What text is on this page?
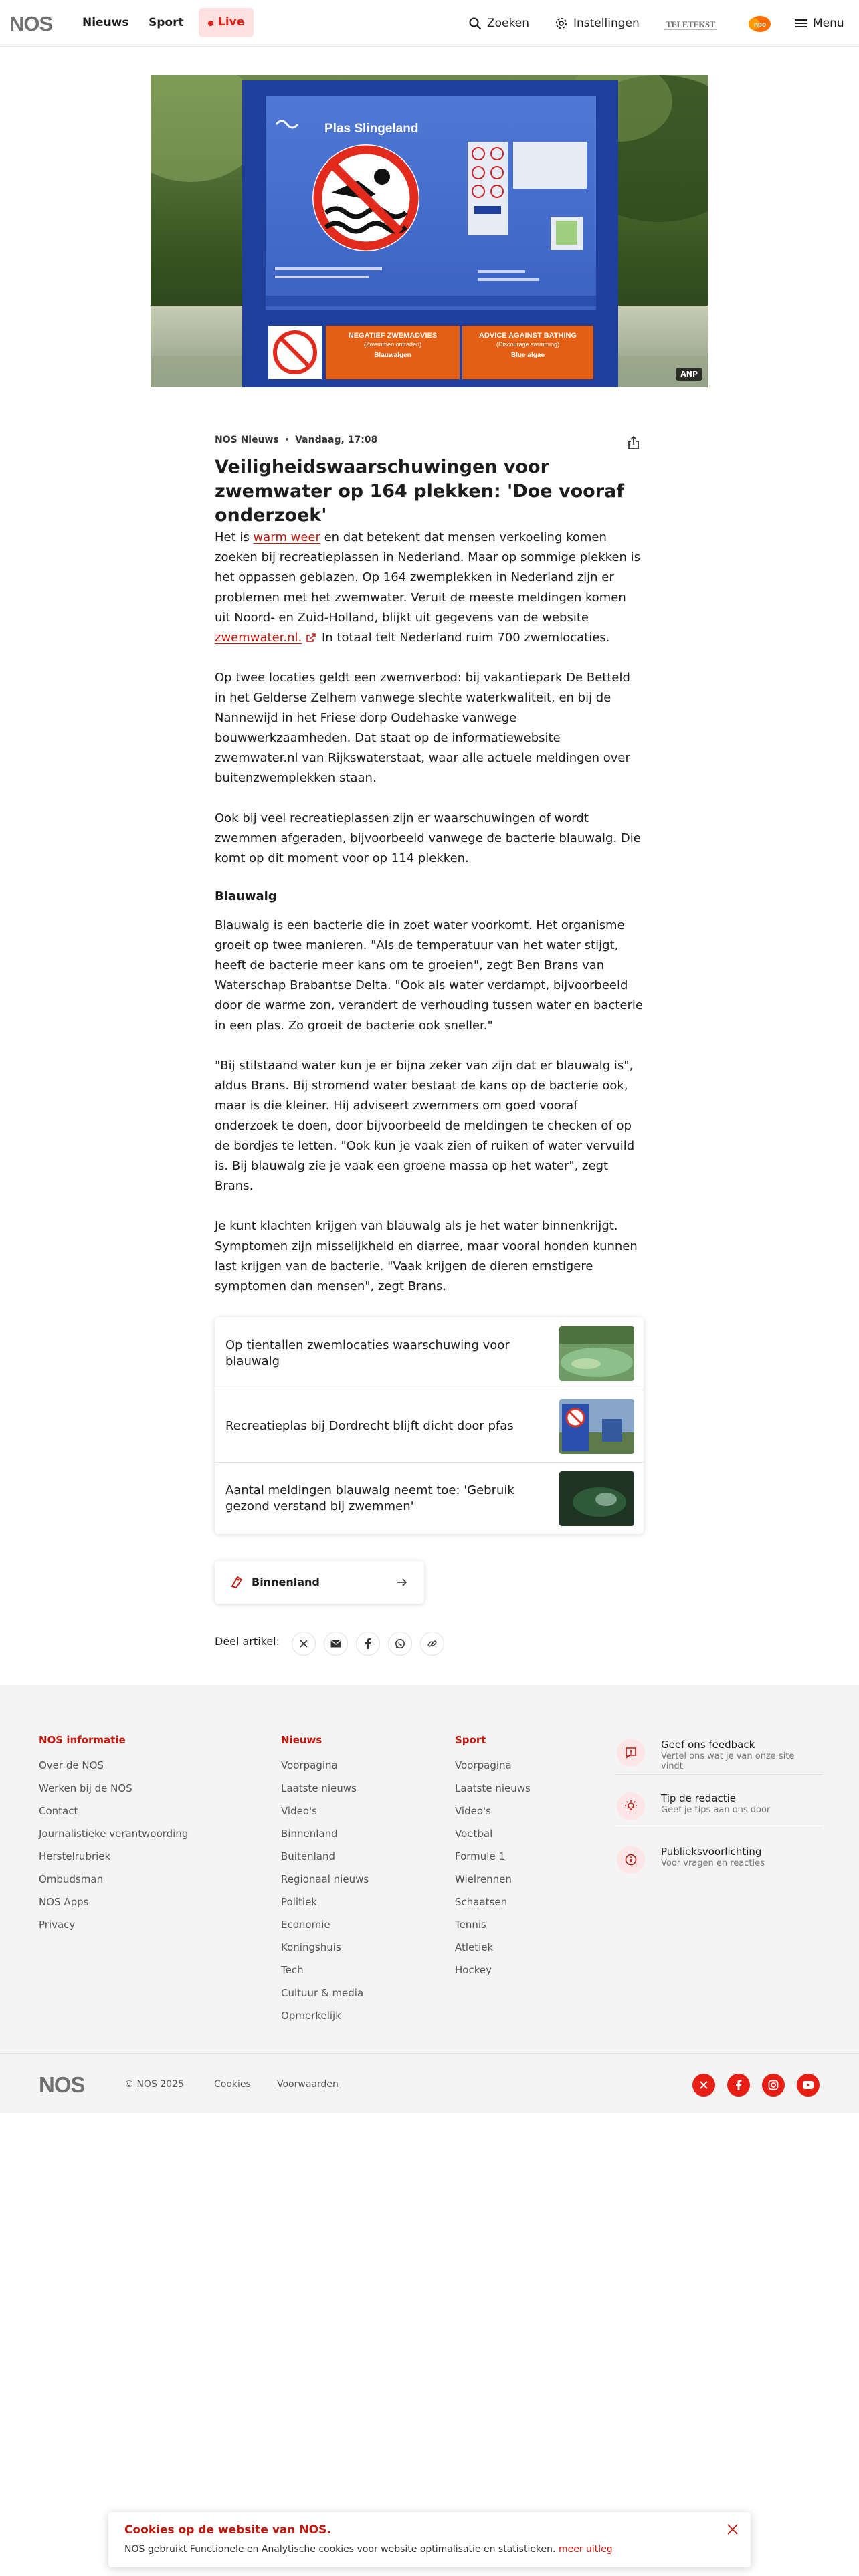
NOS	Nieuws Sport	Live	Zoeken	Instellingen	TELETEKST	npo	Menu
Plas Slingeland
NEGATIEF ZWEMADVIES
(Zwemmen ontraden)
Blauwalgen
ADVICE AGAINST BATHING
(Discourage swimming)
Blue algae
ANP
NOS Nieuws • Vandaag, 17:08
Veiligheidswaarschuwingen voor zwemwater op 164 plekken: 'Doe vooraf onderzoek'

Het is warm weer en dat betekent dat mensen verkoeling komen zoeken bij recreatieplassen in Nederland. Maar op sommige plekken is het oppassen geblazen. Op 164 zwemplekken in Nederland zijn er problemen met het zwemwater. Veruit de meeste meldingen komen uit Noord- en Zuid-Holland, blijkt uit gegevens van de website zwemwater.nl. In totaal telt Nederland ruim 700 zwemlocaties.

Op twee locaties geldt een zwemverbod: bij vakantiepark De Betteld in het Gelderse Zelhem vanwege slechte waterkwaliteit, en bij de Nannewijd in het Friese dorp Oudehaske vanwege bouwwerkzaamheden. Dat staat op de informatiewebsite zwemwater.nl van Rijkswaterstaat, waar alle actuele meldingen over buitenzwemplekken staan.

Ook bij veel recreatieplassen zijn er waarschuwingen of wordt zwemmen afgeraden, bijvoorbeeld vanwege de bacterie blauwalg. Die komt op dit moment voor op 114 plekken.

Blauwalg

Blauwalg is een bacterie die in zoet water voorkomt. Het organisme groeit op twee manieren. "Als de temperatuur van het water stijgt, heeft de bacterie meer kans om te groeien", zegt Ben Brans van Waterschap Brabantse Delta. "Ook als water verdampt, bijvoorbeeld door de warme zon, verandert de verhouding tussen water en bacterie in een plas. Zo groeit de bacterie ook sneller."

"Bij stilstaand water kun je er bijna zeker van zijn dat er blauwalg is", aldus Brans. Bij stromend water bestaat de kans op de bacterie ook, maar is die kleiner. Hij adviseert zwemmers om goed vooraf onderzoek te doen, door bijvoorbeeld de meldingen te checken of op de bordjes te letten. "Ook kun je vaak zien of ruiken of water vervuild is. Bij blauwalg zie je vaak een groene massa op het water", zegt Brans.

Je kunt klachten krijgen van blauwalg als je het water binnenkrijgt. Symptomen zijn misselijkheid en diarree, maar vooral honden kunnen last krijgen van de bacterie. "Vaak krijgen de dieren ernstigere symptomen dan mensen", zegt Brans.

Op tientallen zwemlocaties waarschuwing voor blauwalg
Recreatieplas bij Dordrecht blijft dicht door pfas
Aantal meldingen blauwalg neemt toe: 'Gebruik gezond verstand bij zwemmen'
Binnenland
Deel artikel:
NOS informatie
Over de NOS
Werken bij de NOS
Contact
Journalistieke verantwoording
Herstelrubriek
Ombudsman
NOS Apps
Privacy
Nieuws
Voorpagina
Laatste nieuws
Video's
Binnenland
Buitenland
Regionaal nieuws
Politiek
Economie
Koningshuis
Tech
Cultuur & media
Opmerkelijk
Sport
Voorpagina
Laatste nieuws
Video's
Voetbal
Formule 1
Wielrennen
Schaatsen
Tennis
Atletiek
Hockey
Geef ons feedback
Vertel ons wat je van onze site vindt
Tip de redactie
Geef je tips aan ons door
Publieksvoorlichting
Voor vragen en reacties
NOS	© NOS 2025	Cookies	Voorwaarden
Cookies op de website van NOS.
NOS gebruikt Functionele en Analytische cookies voor website optimalisatie en statistieken. meer uitleg
